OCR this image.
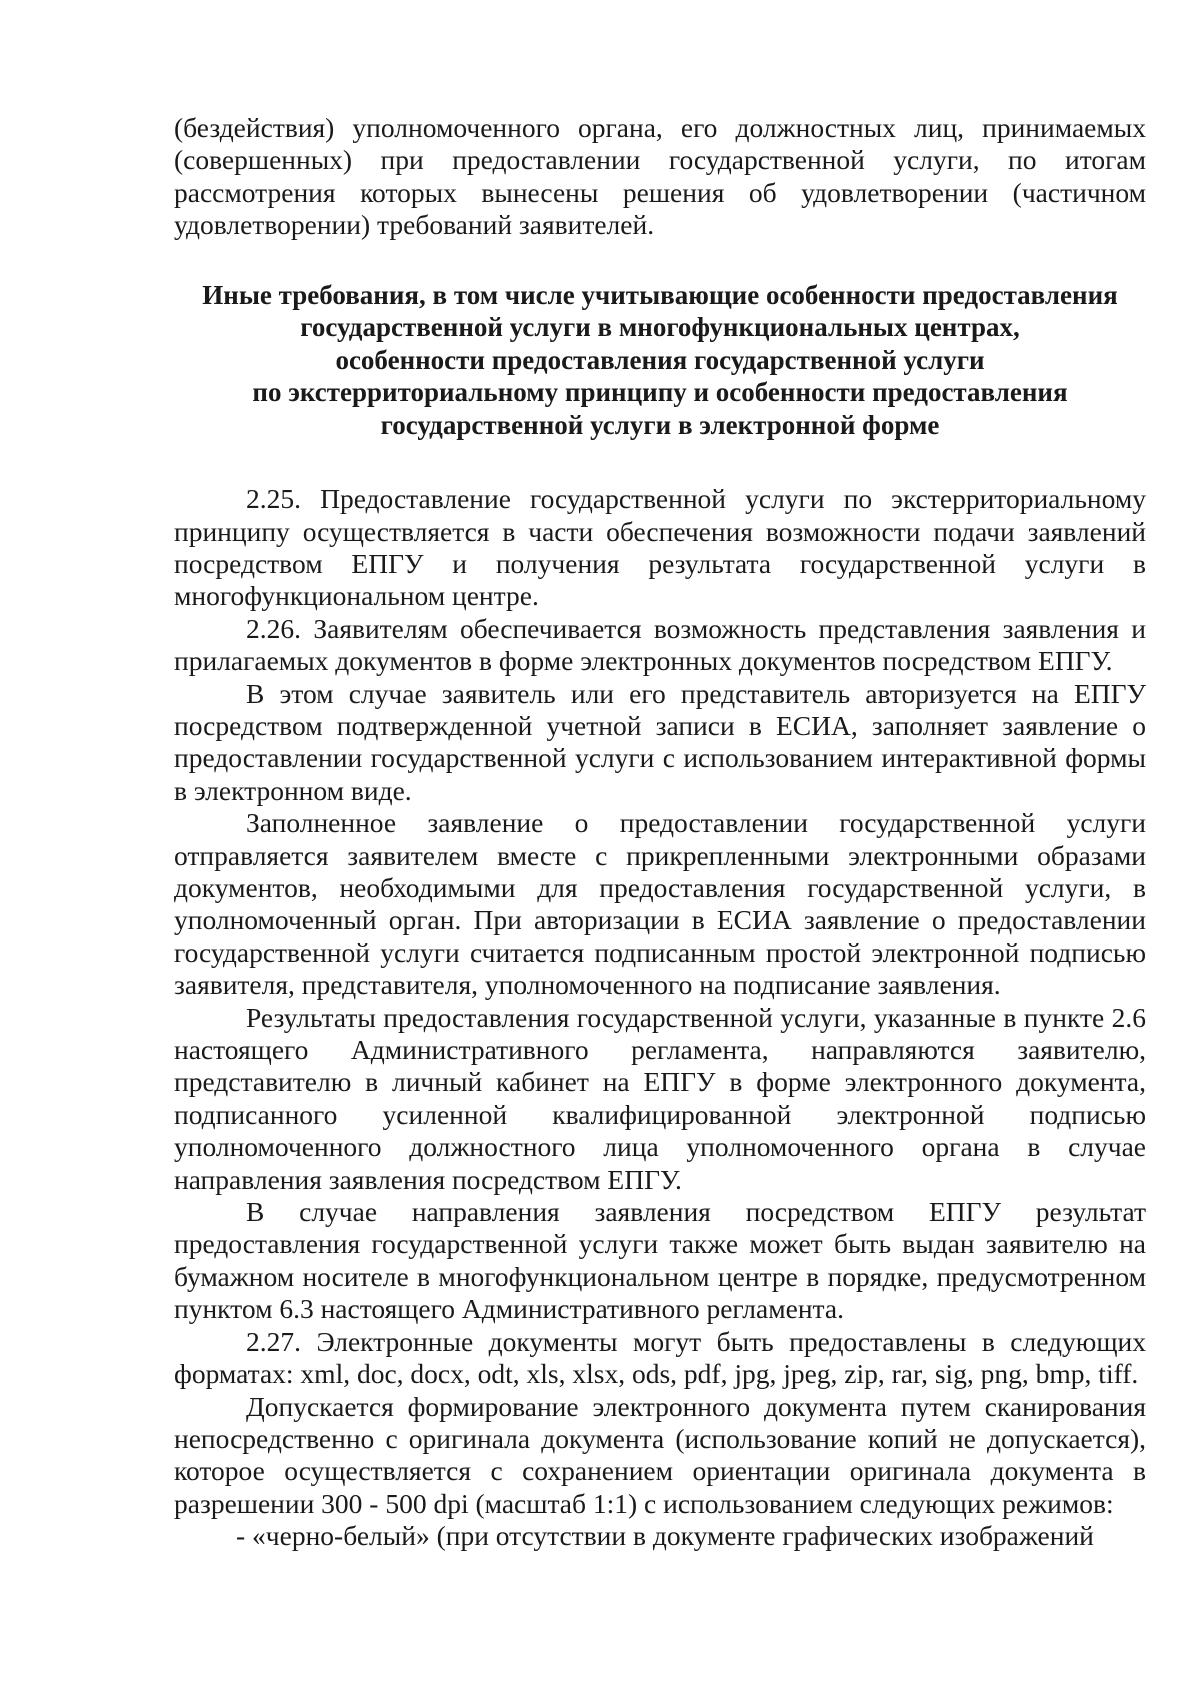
(бездействия) уполномоченного органа, его должностных лиц, принимаемых (совершенных) при предоставлении государственной услуги, по итогам рассмотрения которых вынесены решения об удовлетворении (частичном удовлетворении) требований заявителей.

Иные требования, в том числе учитывающие особенности предоставления
государственной услуги в многофункциональных центрах,
особенности предоставления государственной услуги
по экстерриториальному принципу и особенности предоставления
государственной услуги в электронной форме

2.25. Предоставление государственной услуги по экстерриториальному принципу осуществляется в части обеспечения возможности подачи заявлений посредством ЕПГУ и получения результата государственной услуги в многофункциональном центре.

2.26. Заявителям обеспечивается возможность представления заявления и прилагаемых документов в форме электронных документов посредством ЕПГУ.

В этом случае заявитель или его представитель авторизуется на ЕПГУ посредством подтвержденной учетной записи в ЕСИА, заполняет заявление о предоставлении государственной услуги с использованием интерактивной формы в электронном виде.

Заполненное заявление о предоставлении государственной услуги отправляется заявителем вместе с прикрепленными электронными образами документов, необходимыми для предоставления государственной услуги, в уполномоченный орган. При авторизации в ЕСИА заявление о предоставлении государственной услуги считается подписанным простой электронной подписью заявителя, представителя, уполномоченного на подписание заявления.

Результаты предоставления государственной услуги, указанные в пункте 2.6 настоящего Административного регламента, направляются заявителю, представителю в личный кабинет на ЕПГУ в форме электронного документа, подписанного усиленной квалифицированной электронной подписью уполномоченного должностного лица уполномоченного органа в случае направления заявления посредством ЕПГУ.

В случае направления заявления посредством ЕПГУ результат предоставления государственной услуги также может быть выдан заявителю на бумажном носителе в многофункциональном центре в порядке, предусмотренном пунктом 6.3 настоящего Административного регламента.

2.27. Электронные документы могут быть предоставлены в следующих форматах: xml, doc, docx, odt, xls, xlsx, ods, pdf, jpg, jpeg, zip, rar, sig, png, bmp, tiff.

Допускается формирование электронного документа путем сканирования непосредственно с оригинала документа (использование копий не допускается), которое осуществляется с сохранением ориентации оригинала документа в разрешении 300 - 500 dpi (масштаб 1:1) с использованием следующих режимов:

- «черно-белый» (при отсутствии в документе графических изображений
